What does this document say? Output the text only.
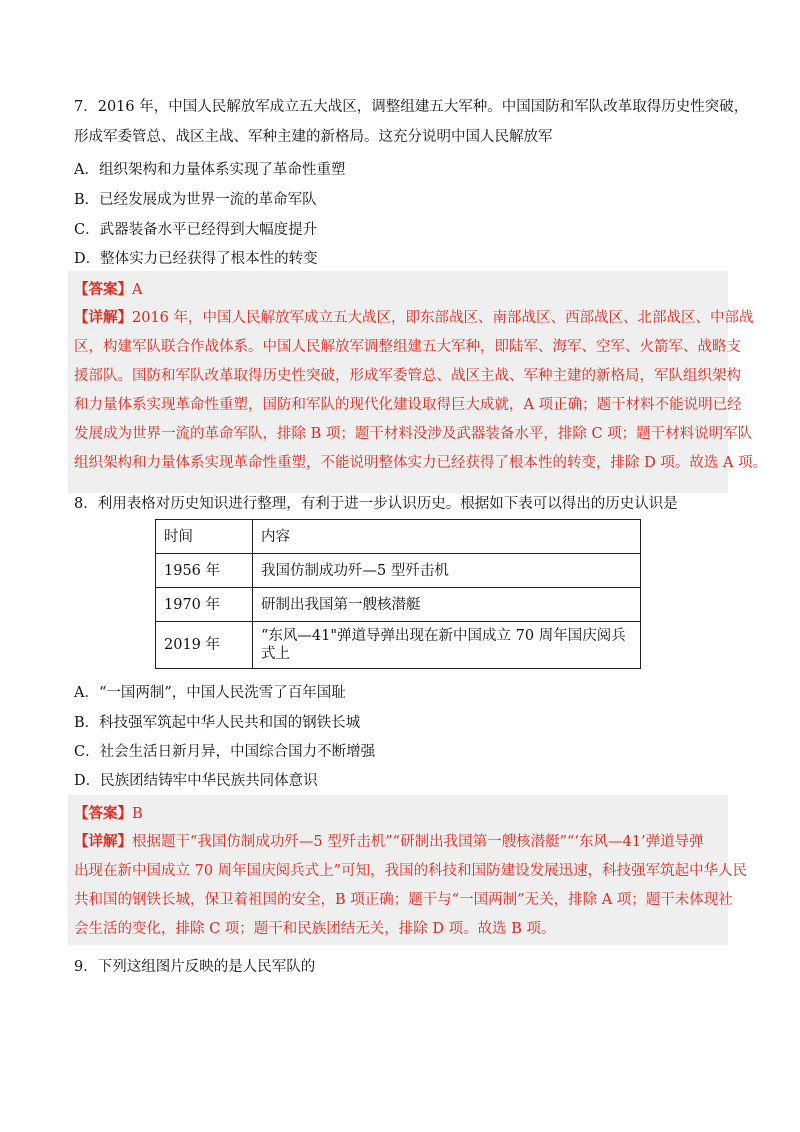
7．2016 年，中国人民解放军成立五大战区，调整组建五大军种。中国国防和军队改革取得历史性突破，
形成军委管总、战区主战、军种主建的新格局。这充分说明中国人民解放军
A．组织架构和力量体系实现了革命性重塑
B．已经发展成为世界一流的革命军队
C．武器装备水平已经得到大幅度提升
D．整体实力已经获得了根本性的转变
【答案】A
【详解】2016 年，中国人民解放军成立五大战区，即东部战区、南部战区、西部战区、北部战区、中部战
区，构建军队联合作战体系。中国人民解放军调整组建五大军种，即陆军、海军、空军、火箭军、战略支
援部队。国防和军队改革取得历史性突破，形成军委管总、战区主战、军种主建的新格局，军队组织架构
和力量体系实现革命性重塑，国防和军队的现代化建设取得巨大成就，A 项正确；题干材料不能说明已经
发展成为世界一流的革命军队，排除 B 项；题干材料没涉及武器装备水平，排除 C 项；题干材料说明军队
组织架构和力量体系实现革命性重塑，不能说明整体实力已经获得了根本性的转变，排除 D 项。故选 A 项。
8．利用表格对历史知识进行整理，有利于进一步认识历史。根据如下表可以得出的历史认识是
时间	内容
1956 年	我国仿制成功歼—5 型歼击机
1970 年	研制出我国第一艘核潜艇
2019 年	“东风—41"弹道导弹出现在新中国成立 70 周年国庆阅兵式上
A．“一国两制”，中国人民洗雪了百年国耻
B．科技强军筑起中华人民共和国的钢铁长城
C．社会生活日新月异，中国综合国力不断增强
D．民族团结铸牢中华民族共同体意识
【答案】B
【详解】根据题干“我国仿制成功歼—5 型歼击机”“研制出我国第一艘核潜艇”“‘东风—41’弹道导弹
出现在新中国成立 70 周年国庆阅兵式上”可知，我国的科技和国防建设发展迅速，科技强军筑起中华人民
共和国的钢铁长城，保卫着祖国的安全，B 项正确；题干与“一国两制”无关，排除 A 项；题干未体现社
会生活的变化，排除 C 项；题干和民族团结无关，排除 D 项。故选 B 项。
9．下列这组图片反映的是人民军队的
